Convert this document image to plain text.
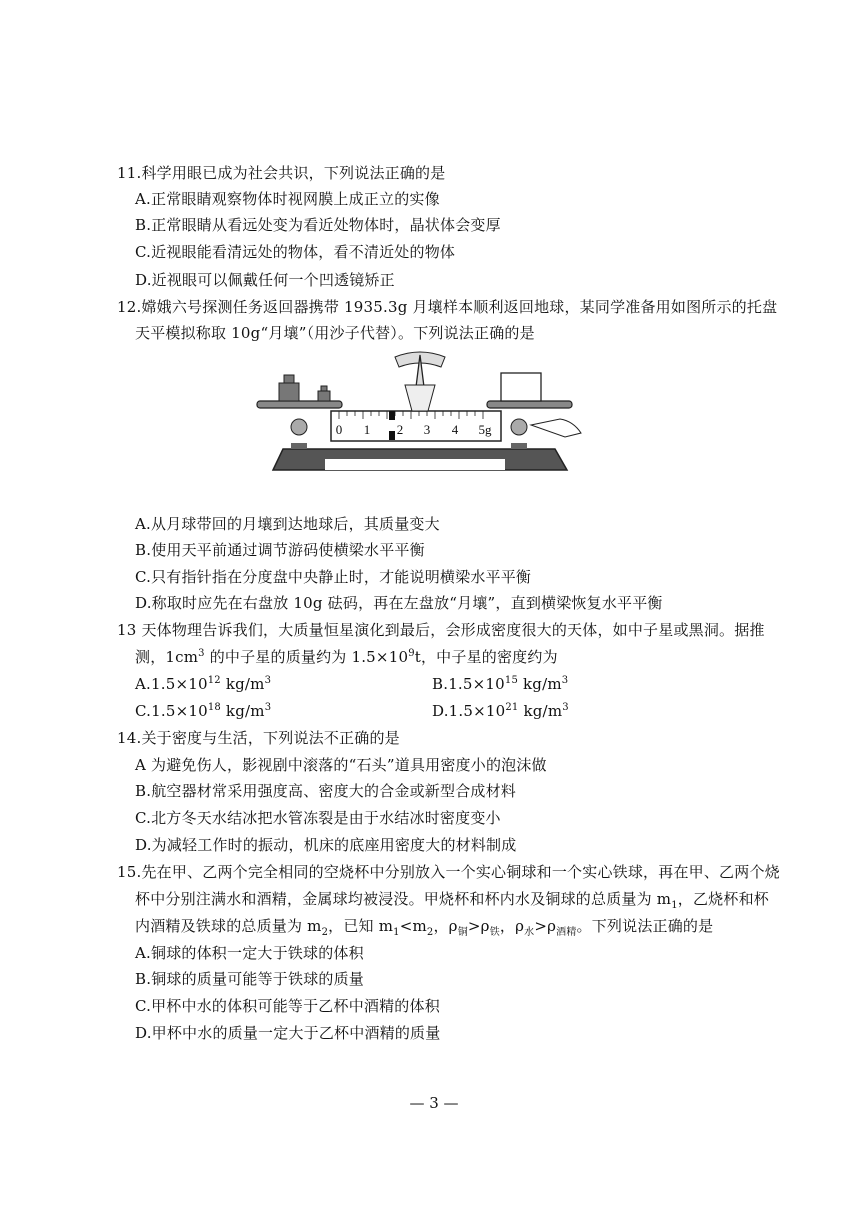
11.科学用眼已成为社会共识，下列说法正确的是
A.正常眼睛观察物体时视网膜上成正立的实像
B.正常眼睛从看远处变为看近处物体时，晶状体会变厚
C.近视眼能看清远处的物体，看不清近处的物体
D.近视眼可以佩戴任何一个凹透镜矫正
12.嫦娥六号探测任务返回器携带 1935.3g 月壤样本顺利返回地球，某同学准备用如图所示的托盘
天平模拟称取 10g“月壤”（用沙子代替）。下列说法正确的是
0 1 2 3 4 5g
A.从月球带回的月壤到达地球后，其质量变大
B.使用天平前通过调节游码使横梁水平平衡
C.只有指针指在分度盘中央静止时，才能说明横梁水平平衡
D.称取时应先在右盘放 10g 砝码，再在左盘放“月壤”，直到横梁恢复水平平衡
13 天体物理告诉我们，大质量恒星演化到最后，会形成密度很大的天体，如中子星或黑洞。据推
测，$1cm^3$ 的中子星的质量约为 $1.5\times 10^9t$，中子星的密度约为
$A.1.5\times 10^{12}$ $kg/m^3$	$B.1.5\times 10^{15}$ $kg/m^3$
$C.1.5\times 10^{18}$ $kg/m^3$	$D.1.5\times 10^{21}$ $kg/m^3$
14.关于密度与生活，下列说法不正确的是
A 为避免伤人，影视剧中滚落的“石头”道具用密度小的泡沫做
B.航空器材常采用强度高、密度大的合金或新型合成材料
C.北方冬天水结冰把水管冻裂是由于水结冰时密度变小
D.为减轻工作时的振动，机床的底座用密度大的材料制成
15.先在甲、乙两个完全相同的空烧杯中分别放入一个实心铜球和一个实心铁球，再在甲、乙两个烧
杯中分别注满水和酒精，金属球均被浸没。甲烧杯和杯内水及铜球的总质量为 $m_1$，乙烧杯和杯
内酒精及铁球的总质量为 $m_2$，已知 $m_1<m_2$，$\rho_铜>\rho_铁$，$\rho_水>\rho_{酒精}$。下列说法正确的是
A.铜球的体积一定大于铁球的体积
B.铜球的质量可能等于铁球的质量
C.甲杯中水的体积可能等于乙杯中酒精的体积
D.甲杯中水的质量一定大于乙杯中酒精的质量
— 3 —
